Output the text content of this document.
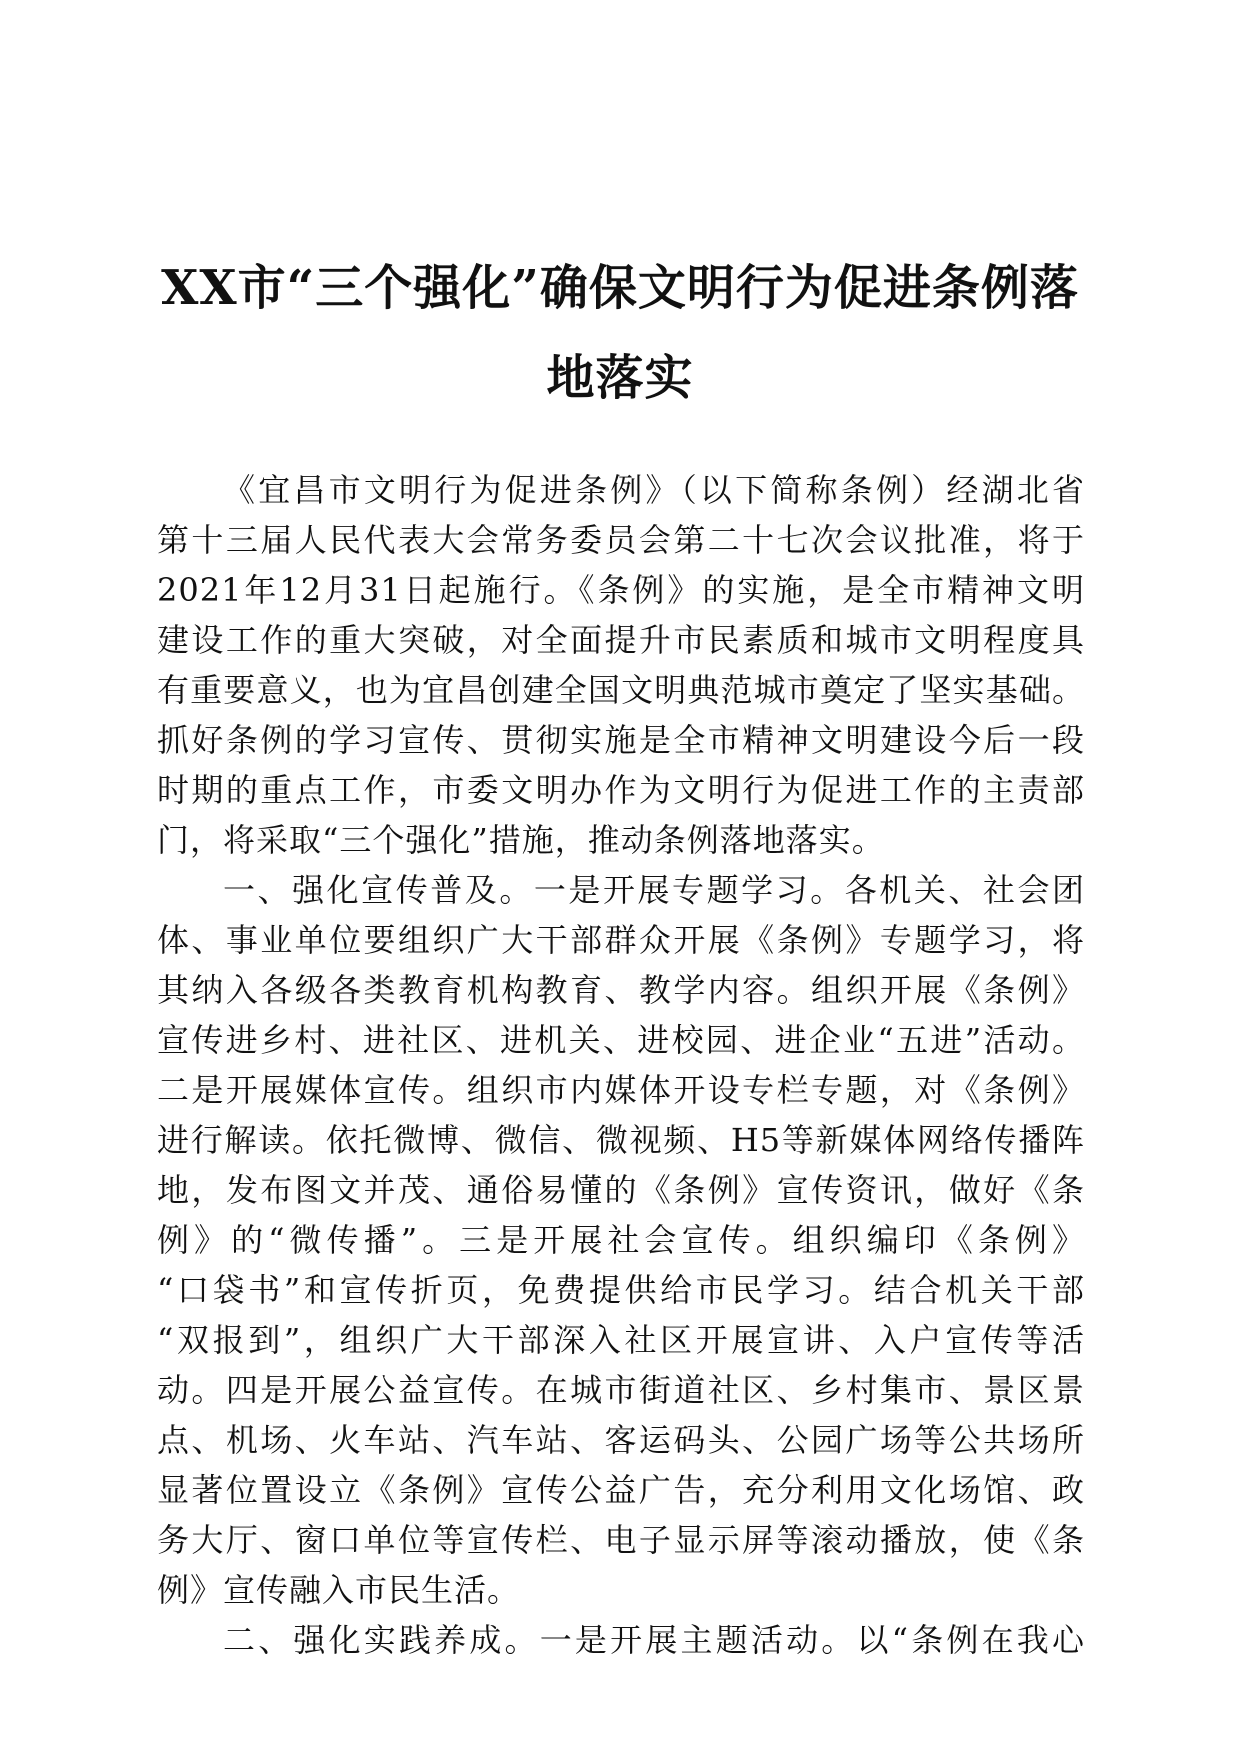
XX市“三个强化”确保文明行为促进条例落
地落实
《宜昌市文明行为促进条例》（以下简称条例）经湖北省
第十三届人民代表大会常务委员会第二十七次会议批准，将于
2021年12月31日起施行。《条例》的实施，是全市精神文明
建设工作的重大突破，对全面提升市民素质和城市文明程度具
有重要意义，也为宜昌创建全国文明典范城市奠定了坚实基础。
抓好条例的学习宣传、贯彻实施是全市精神文明建设今后一段
时期的重点工作，市委文明办作为文明行为促进工作的主责部
门，将采取“三个强化”措施，推动条例落地落实。
一、强化宣传普及。一是开展专题学习。各机关、社会团
体、事业单位要组织广大干部群众开展《条例》专题学习，将
其纳入各级各类教育机构教育、教学内容。组织开展《条例》
宣传进乡村、进社区、进机关、进校园、进企业“五进”活动。
二是开展媒体宣传。组织市内媒体开设专栏专题，对《条例》
进行解读。依托微博、微信、微视频、H5等新媒体网络传播阵
地，发布图文并茂、通俗易懂的《条例》宣传资讯，做好《条
例》的“微传播”。三是开展社会宣传。组织编印《条例》
“口袋书”和宣传折页，免费提供给市民学习。结合机关干部
“双报到”，组织广大干部深入社区开展宣讲、入户宣传等活
动。四是开展公益宣传。在城市街道社区、乡村集市、景区景
点、机场、火车站、汽车站、客运码头、公园广场等公共场所
显著位置设立《条例》宣传公益广告，充分利用文化场馆、政
务大厅、窗口单位等宣传栏、电子显示屏等滚动播放，使《条
例》宣传融入市民生活。
二、强化实践养成。一是开展主题活动。以“条例在我心
